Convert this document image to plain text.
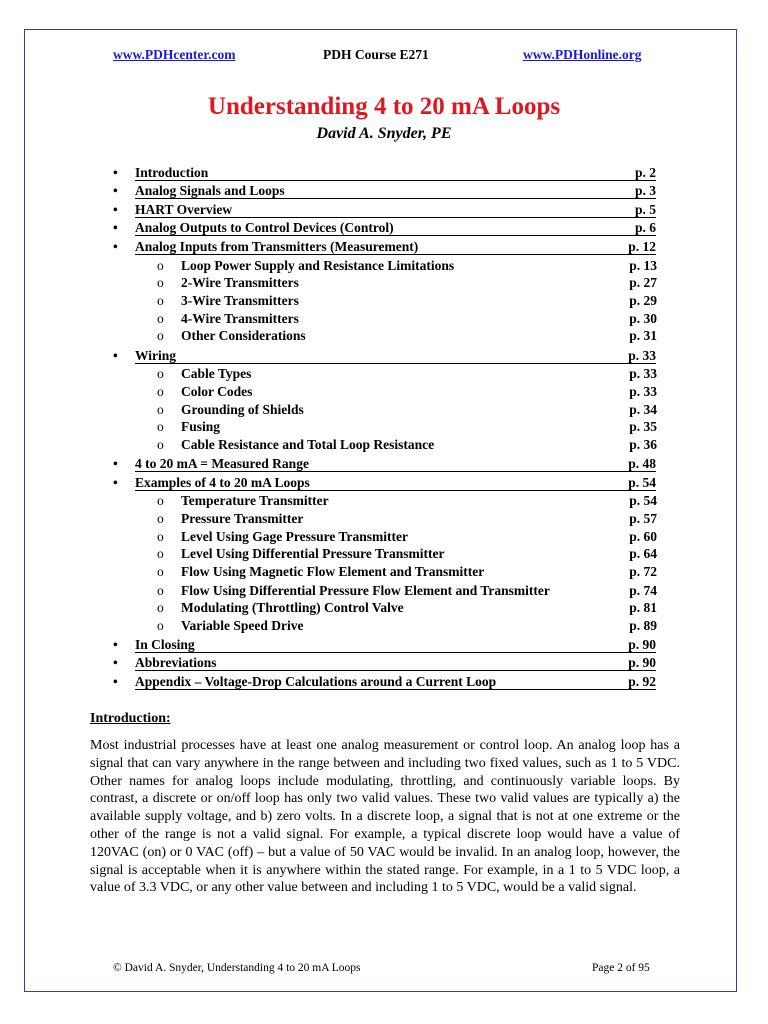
www.PDHcenter.com	PDH Course E271	www.PDHonline.org
Understanding 4 to 20 mA Loops
David A. Snyder, PE
•	Introduction	p. 2
•	Analog Signals and Loops	p. 3
•	HART Overview	p. 5
•	Analog Outputs to Control Devices (Control)	p. 6
•	Analog Inputs from Transmitters (Measurement)	p. 12
o Loop Power Supply and Resistance Limitations	p. 13
o 2-Wire Transmitters	p. 27
o 3-Wire Transmitters	p. 29
o 4-Wire Transmitters	p. 30
o Other Considerations	p. 31
•	Wiring	p. 33
o Cable Types	p. 33
o Color Codes	p. 33
o Grounding of Shields	p. 34
o Fusing	p. 35
o Cable Resistance and Total Loop Resistance	p. 36
•	4 to 20 mA = Measured Range	p. 48
•	Examples of 4 to 20 mA Loops	p. 54
o Temperature Transmitter	p. 54
o Pressure Transmitter	p. 57
o Level Using Gage Pressure Transmitter	p. 60
o Level Using Differential Pressure Transmitter	p. 64
o Flow Using Magnetic Flow Element and Transmitter	p. 72
o Flow Using Differential Pressure Flow Element and Transmitter	p. 74
o Modulating (Throttling) Control Valve	p. 81
o Variable Speed Drive	p. 89
•	In Closing	p. 90
•	Abbreviations	p. 90
•	Appendix – Voltage-Drop Calculations around a Current Loop	p. 92
Introduction:

Most industrial processes have at least one analog measurement or control loop. An analog loop has a signal that can vary anywhere in the range between and including two fixed values, such as 1 to 5 VDC. Other names for analog loops include modulating, throttling, and continuously variable loops. By contrast, a discrete or on/off loop has only two valid values. These two valid values are typically a) the available supply voltage, and b) zero volts. In a discrete loop, a signal that is not at one extreme or the other of the range is not a valid signal. For example, a typical discrete loop would have a value of 120VAC (on) or 0 VAC (off) – but a value of 50 VAC would be invalid. In an analog loop, however, the signal is acceptable when it is anywhere within the stated range. For example, in a 1 to 5 VDC loop, a value of 3.3 VDC, or any other value between and including 1 to 5 VDC, would be a valid signal.

© David A. Snyder, Understanding 4 to 20 mA Loops	Page 2 of 95
